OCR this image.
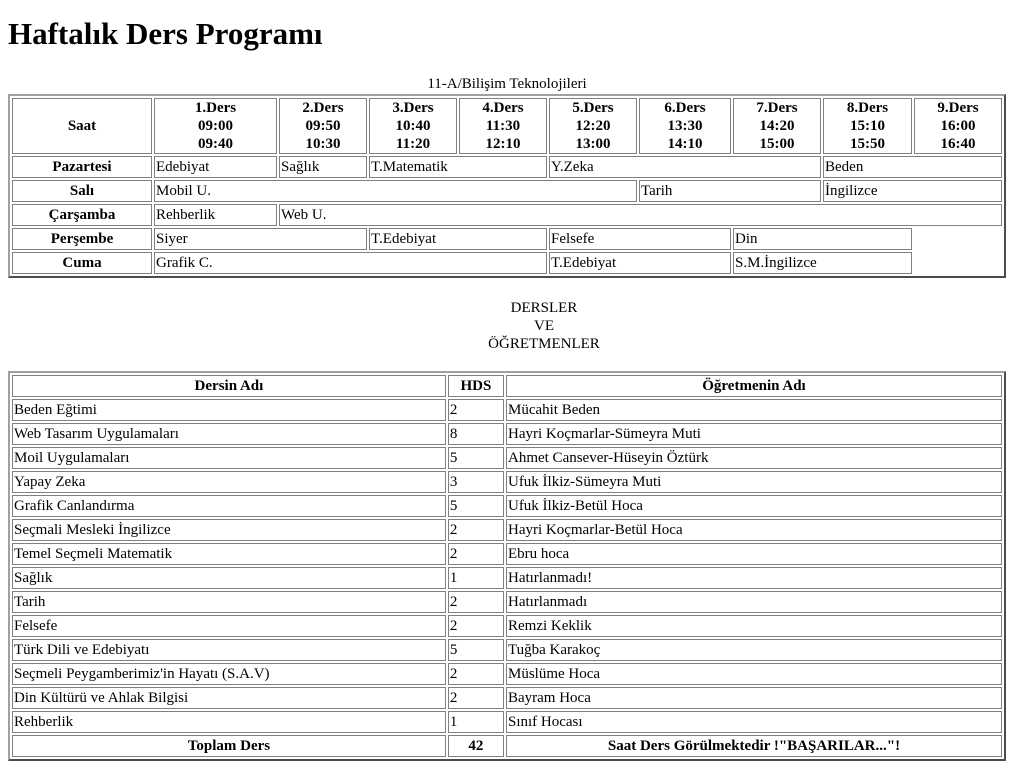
Haftalık Ders Programı
11-A/Bilişim Teknolojileri
Saat	1.Ders
09:00
09:40	2.Ders
09:50
10:30	3.Ders
10:40
11:20	4.Ders
11:30
12:10	5.Ders
12:20
13:00	6.Ders
13:30
14:10	7.Ders
14:20
15:00	8.Ders
15:10
15:50	9.Ders
16:00
16:40
Pazartesi	Edebiyat	Sağlık	T.Matematik		Y.Zeka			Beden	
Salı	Mobil U.					Tarih		İngilizce	
Çarşamba	Rehberlik	Web U.							
Perşembe	Siyer		T.Edebiyat		Felsefe		Din		
Cuma	Grafik C.				T.Edebiyat		S.M.İngilizce		
DERSLER
VE
ÖĞRETMENLER
Dersin Adı	HDS	Öğretmenin Adı
Beden Eğtimi	2	Mücahit Beden
Web Tasarım Uygulamaları	8	Hayri Koçmarlar-Sümeyra Muti
Moil Uygulamaları	5	Ahmet Cansever-Hüseyin Öztürk
Yapay Zeka	3	Ufuk İlkiz-Sümeyra Muti
Grafik Canlandırma	5	Ufuk İlkiz-Betül Hoca
Seçmali Mesleki İngilizce	2	Hayri Koçmarlar-Betül Hoca
Temel Seçmeli Matematik	2	Ebru hoca
Sağlık	1	Hatırlanmadı!
Tarih	2	Hatırlanmadı
Felsefe	2	Remzi Keklik
Türk Dili ve Edebiyatı	5	Tuğba Karakoç
Seçmeli Peygamberimiz'in Hayatı (S.A.V)	2	Müslüme Hoca
Din Kültürü ve Ahlak Bilgisi	2	Bayram Hoca
Rehberlik	1	Sınıf Hocası
Toplam Ders	42	Saat Ders Görülmektedir !"BAŞARILAR..."!
